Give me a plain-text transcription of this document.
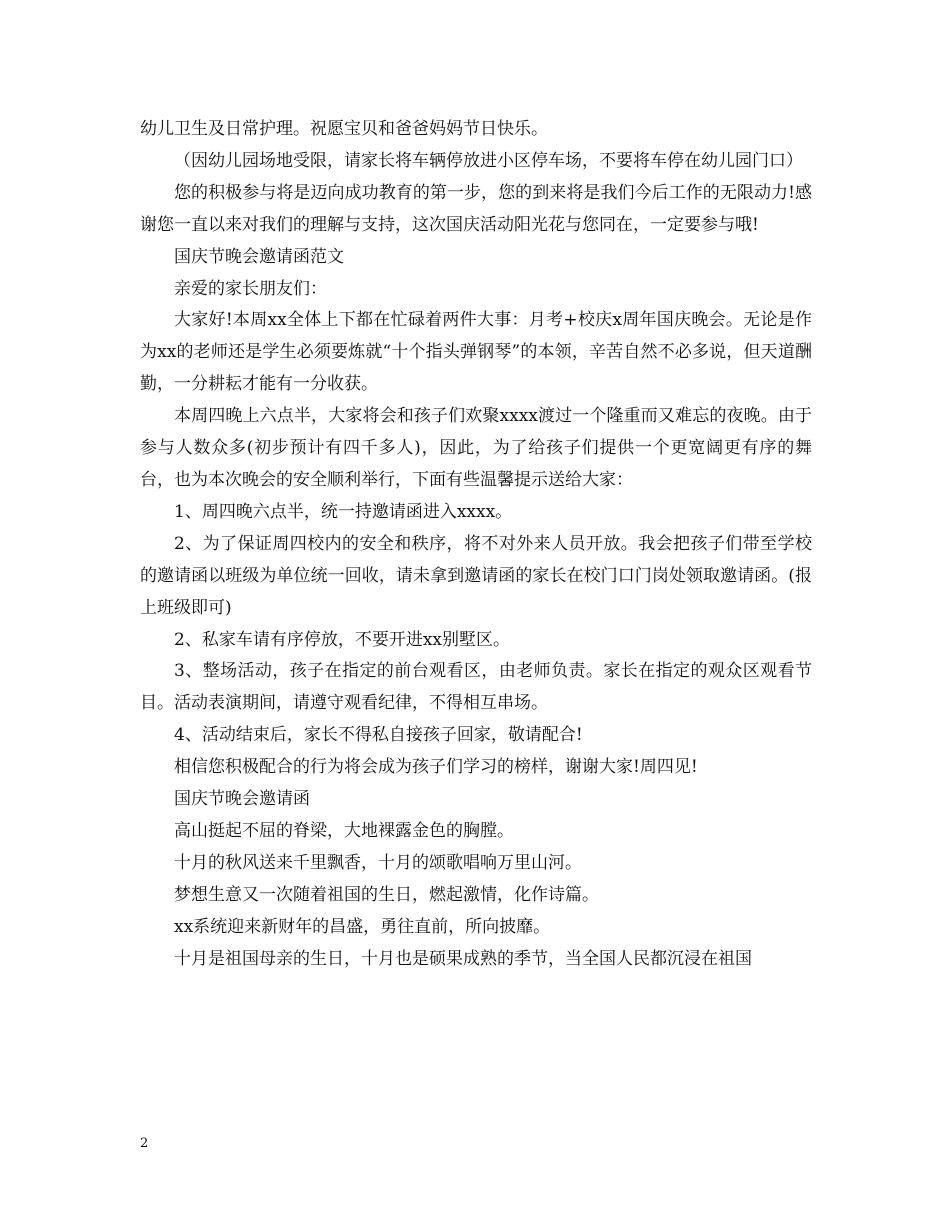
幼儿卫生及日常护理。祝愿宝贝和爸爸妈妈节日快乐。

（因幼儿园场地受限，请家长将车辆停放进小区停车场，不要将车停在幼儿园门口）

您的积极参与将是迈向成功教育的第一步，您的到来将是我们今后工作的无限动力!感谢您一直以来对我们的理解与支持，这次国庆活动阳光花与您同在，一定要参与哦!

国庆节晚会邀请函范文

亲爱的家长朋友们：

大家好!本周xx全体上下都在忙碌着两件大事：月考+校庆x周年国庆晚会。无论是作为xx的老师还是学生必须要炼就“十个指头弹钢琴”的本领，辛苦自然不必多说，但天道酬勤，一分耕耘才能有一分收获。

本周四晚上六点半，大家将会和孩子们欢聚xxxx渡过一个隆重而又难忘的夜晚。由于参与人数众多(初步预计有四千多人)，因此，为了给孩子们提供一个更宽阔更有序的舞台，也为本次晚会的安全顺利举行，下面有些温馨提示送给大家：

1、周四晚六点半，统一持邀请函进入xxxx。

2、为了保证周四校内的安全和秩序，将不对外来人员开放。我会把孩子们带至学校的邀请函以班级为单位统一回收，请未拿到邀请函的家长在校门口门岗处领取邀请函。(报上班级即可)

2、私家车请有序停放，不要开进xx别墅区。

3、整场活动，孩子在指定的前台观看区，由老师负责。家长在指定的观众区观看节目。活动表演期间，请遵守观看纪律，不得相互串场。

4、活动结束后，家长不得私自接孩子回家，敬请配合!

相信您积极配合的行为将会成为孩子们学习的榜样，谢谢大家!周四见!

国庆节晚会邀请函

高山挺起不屈的脊梁，大地裸露金色的胸膛。

十月的秋风送来千里飘香，十月的颂歌唱响万里山河。

梦想生意又一次随着祖国的生日，燃起激情，化作诗篇。

xx系统迎来新财年的昌盛，勇往直前，所向披靡。

十月是祖国母亲的生日，十月也是硕果成熟的季节，当全国人民都沉浸在祖国

2
